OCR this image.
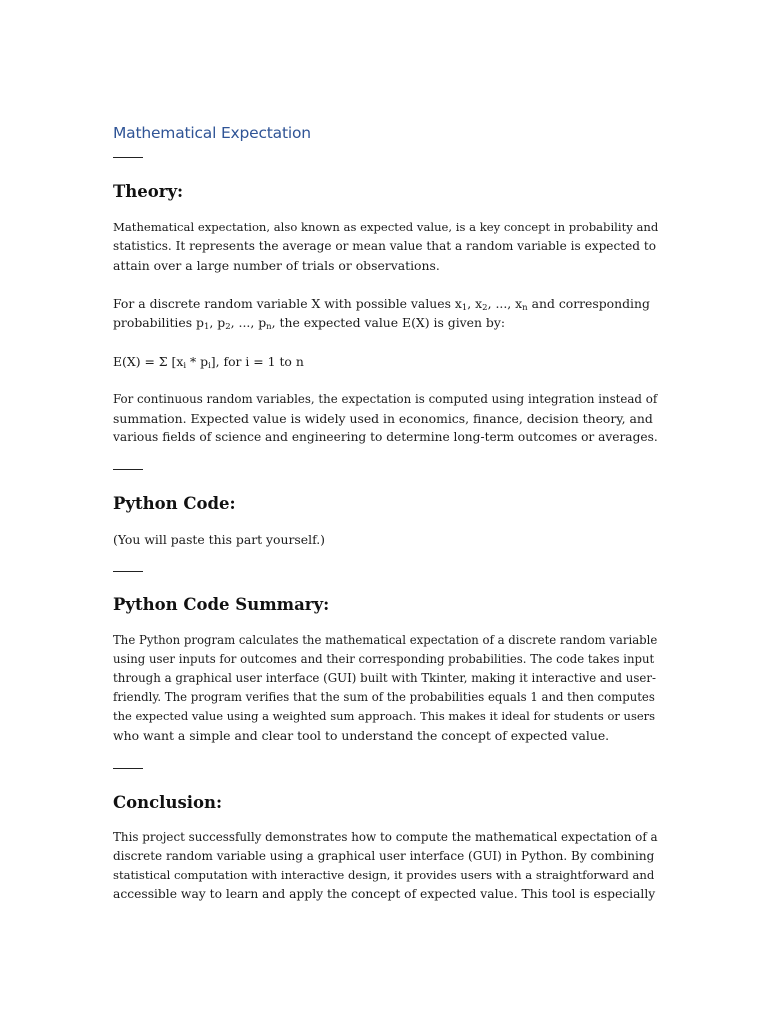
Mathematical Expectation
Theory:

Mathematical expectation, also known as expected value, is a key concept in probability and
statistics. It represents the average or mean value that a random variable is expected to
attain over a large number of trials or observations.

For a discrete random variable X with possible values $x_1$, $x_2$, ..., $x_n$ and corresponding
probabilities $p_1$, $p_2$, ..., $p_n$, the expected value E(X) is given by:

E(X) = Σ $[x_i * p_i]$, for i = 1 to n

For continuous random variables, the expectation is computed using integration instead of
summation. Expected value is widely used in economics, finance, decision theory, and
various fields of science and engineering to determine long-term outcomes or averages.

Python Code:

(You will paste this part yourself.)

Python Code Summary:

The Python program calculates the mathematical expectation of a discrete random variable
using user inputs for outcomes and their corresponding probabilities. The code takes input
through a graphical user interface (GUI) built with Tkinter, making it interactive and user-
friendly. The program verifies that the sum of the probabilities equals 1 and then computes
the expected value using a weighted sum approach. This makes it ideal for students or users
who want a simple and clear tool to understand the concept of expected value.

Conclusion:

This project successfully demonstrates how to compute the mathematical expectation of a
discrete random variable using a graphical user interface (GUI) in Python. By combining
statistical computation with interactive design, it provides users with a straightforward and
accessible way to learn and apply the concept of expected value. This tool is especially
